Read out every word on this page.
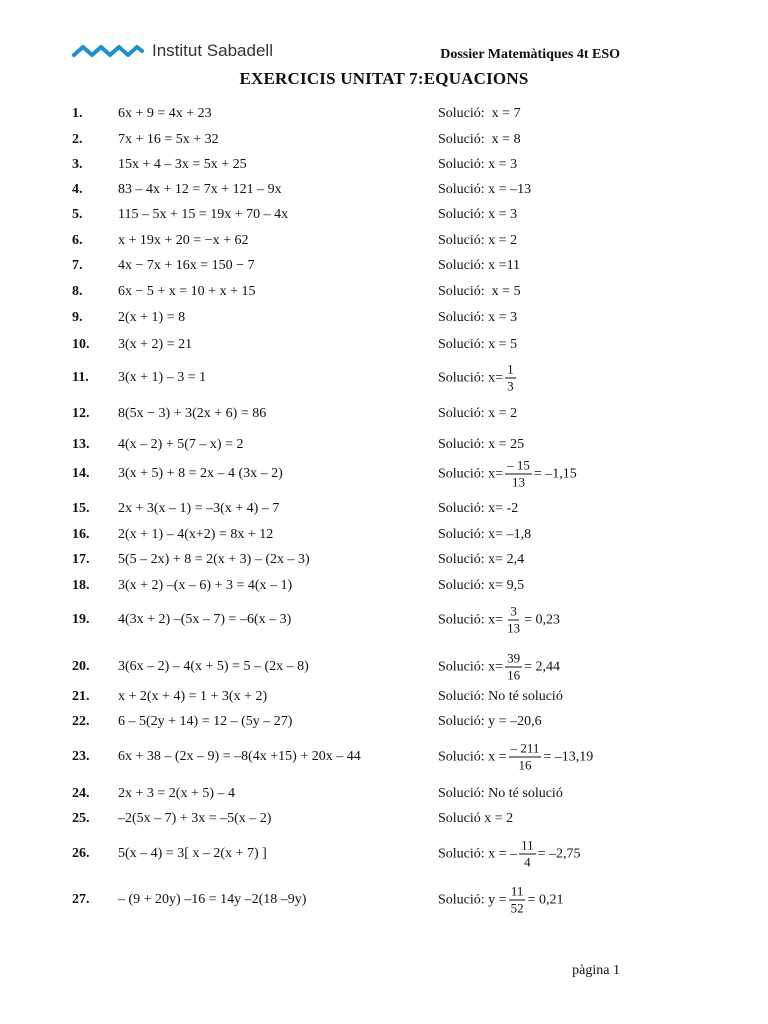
Institut Sabadell	Dossier Matemàtiques 4t ESO
EXERCICIS UNITAT 7:EQUACIONS
1.	6x + 9 = 4x + 23	Solució:  x = 7
2.	7x + 16 = 5x + 32	Solució:  x = 8
3.	15x + 4 – 3x = 5x + 25	Solució: x = 3
4.	83 – 4x + 12 = 7x + 121 – 9x	Solució: x = –13
5.	115 – 5x + 15 = 19x + 70 – 4x	Solució: x = 3
6.	x + 19x + 20 = −x + 62	Solució: x = 2
7.	4x − 7x + 16x = 150 − 7	Solució: x =11
8.	6x − 5 + x = 10 + x + 15	Solució:  x = 5
9.	2(x + 1) = 8	Solució: x = 3
10. 3(x + 2) = 21	Solució: x = 5
11. 3(x + 1) – 3 = 1	Solució: $x= \frac{1}{3}$
12. 8(5x − 3) + 3(2x + 6) = 86	Solució: x = 2
13. 4(x – 2) + 5(7 – x) = 2	Solució: x = 25
14. 3(x + 5) + 8 = 2x – 4 (3x – 2)	Solució: $x= \frac{- 15}{13} = -1,15$
15. 2x + 3(x – 1) = –3(x + 4) – 7	Solució: x= -2
16. 2(x + 1) – 4(x+2) = 8x + 12	Solució: x= –1,8
17. 5(5 – 2x) + 8 = 2(x + 3) – (2x – 3)	Solució: x= 2,4
18. 3(x + 2) –(x – 6) + 3 = 4(x – 1)	Solució: x= 9,5
19. 4(3x + 2) –(5x – 7) = –6(x – 3)	Solució: $x= \frac{3}{13} = 0,23$
20. 3(6x – 2) – 4(x + 5) = 5 – (2x – 8)	Solució: $x= \frac{39}{16} = 2,44$
21. x + 2(x + 4) = 1 + 3(x + 2)	Solució: No té solució
22. 6 – 5(2y + 14) = 12 – (5y – 27)	Solució: y = –20,6
23. 6x + 38 – (2x – 9) = –8(4x +15) + 20x – 44	Solució: $x = \frac{- 211}{16} = -13,19$
24. 2x + 3 = 2(x + 5) – 4	Solució: No té solució
25. –2(5x – 7) + 3x = –5(x – 2)	Solució x = 2
26. 5(x – 4) = 3[ x – 2(x + 7) ]	Solució: x = – $\frac{11}{4} = -2,75$
27. – (9 + 20y) –16 = 14y –2(18 –9y)	Solució: $y = \frac{11}{52} = 0,21$
pàgina 1
